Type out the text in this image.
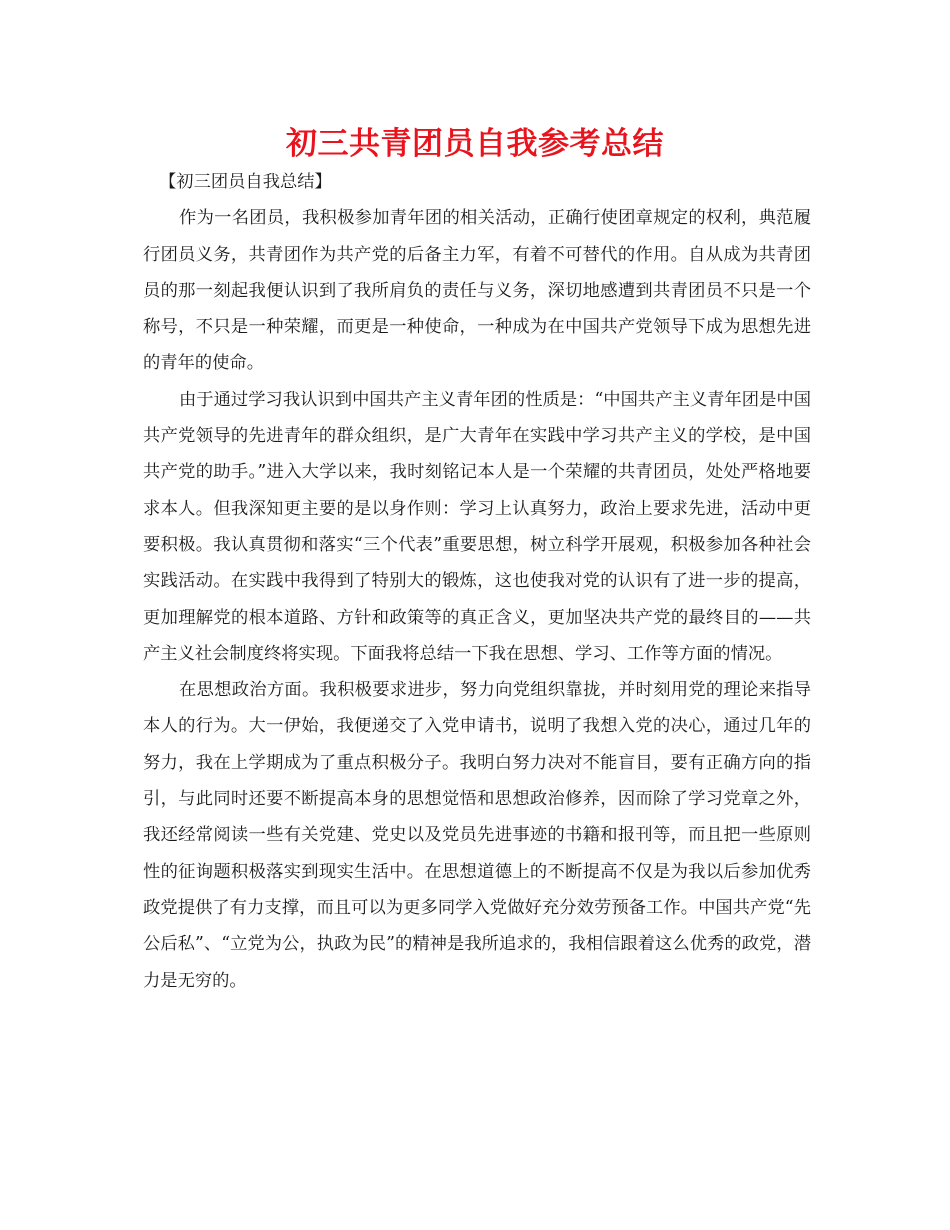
初三共青团员自我参考总结

【初三团员自我总结】

作为一名团员，我积极参加青年团的相关活动，正确行使团章规定的权利，典范履行团员义务，共青团作为共产党的后备主力军，有着不可替代的作用。自从成为共青团员的那一刻起我便认识到了我所肩负的责任与义务，深切地感遭到共青团员不只是一个称号，不只是一种荣耀，而更是一种使命，一种成为在中国共产党领导下成为思想先进的青年的使命。

由于通过学习我认识到中国共产主义青年团的性质是：“中国共产主义青年团是中国共产党领导的先进青年的群众组织，是广大青年在实践中学习共产主义的学校，是中国共产党的助手。”进入大学以来，我时刻铭记本人是一个荣耀的共青团员，处处严格地要求本人。但我深知更主要的是以身作则：学习上认真努力，政治上要求先进，活动中更要积极。我认真贯彻和落实“三个代表”重要思想，树立科学开展观，积极参加各种社会实践活动。在实践中我得到了特别大的锻炼，这也使我对党的认识有了进一步的提高，更加理解党的根本道路、方针和政策等的真正含义，更加坚决共产党的最终目的——共产主义社会制度终将实现。下面我将总结一下我在思想、学习、工作等方面的情况。

在思想政治方面。我积极要求进步，努力向党组织靠拢，并时刻用党的理论来指导本人的行为。大一伊始，我便递交了入党申请书，说明了我想入党的决心，通过几年的努力，我在上学期成为了重点积极分子。我明白努力决对不能盲目，要有正确方向的指引，与此同时还要不断提高本身的思想觉悟和思想政治修养，因而除了学习党章之外，我还经常阅读一些有关党建、党史以及党员先进事迹的书籍和报刊等，而且把一些原则性的征询题积极落实到现实生活中。在思想道德上的不断提高不仅是为我以后参加优秀政党提供了有力支撑，而且可以为更多同学入党做好充分效劳预备工作。中国共产党“先公后私”、“立党为公，执政为民”的精神是我所追求的，我相信跟着这么优秀的政党，潜力是无穷的。
